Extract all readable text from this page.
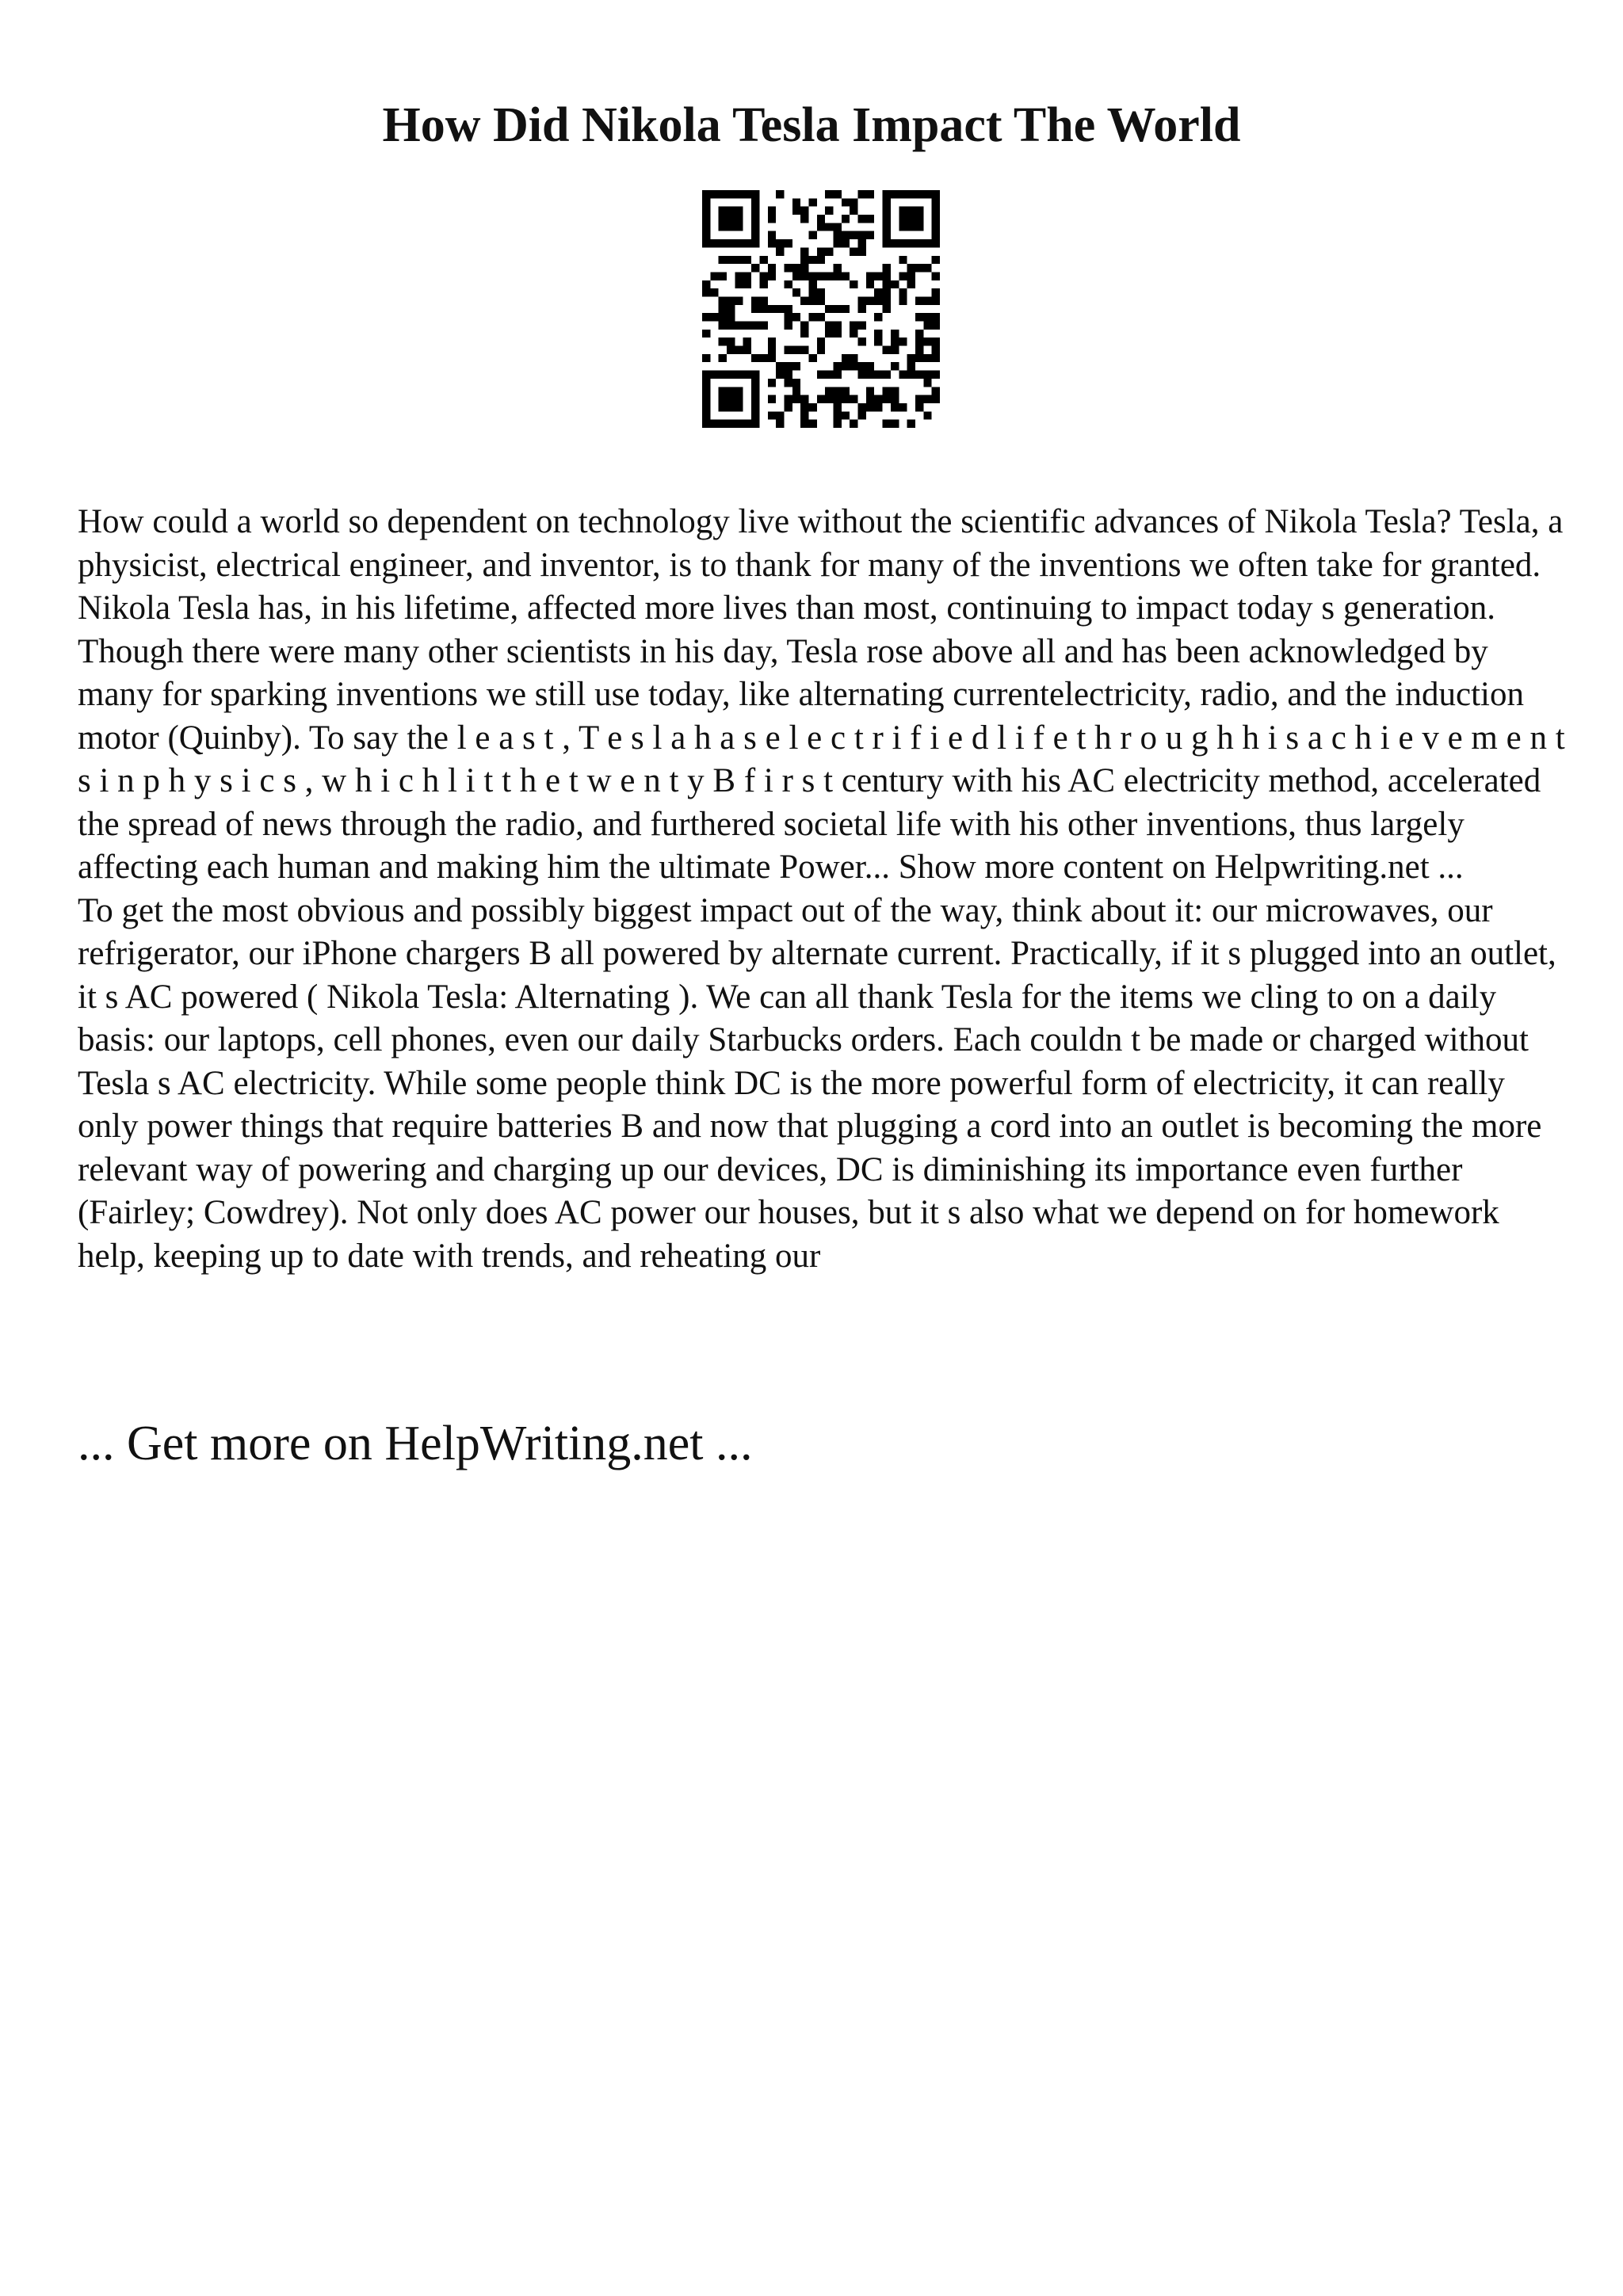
How Did Nikola Tesla Impact The World

How could a world so dependent on technology live without the scientific advances of Nikola Tesla? Tesla, a physicist, electrical engineer, and inventor, is to thank for many of the inventions we often take for granted. Nikola Tesla has, in his lifetime, affected more lives than most, continuing to impact today s generation. Though there were many other scientists in his day, Tesla rose above all and has been acknowledged by many for sparking inventions we still use today, like alternating currentelectricity, radio, and the induction motor (Quinby). To say the l e a s t , T e s l a h a s e l e c t r i f i e d l i f e t h r o u g h h i s a c h i e v e m e n t s i n p h y s i c s , w h i c h l i t t h e t w e n t y B f i r s t century with his AC electricity method, accelerated the spread of news through the radio, and furthered societal life with his other inventions, thus largely affecting each human and making him the ultimate Power... Show more content on Helpwriting.net ...

To get the most obvious and possibly biggest impact out of the way, think about it: our microwaves, our refrigerator, our iPhone chargers B all powered by alternate current. Practically, if it s plugged into an outlet, it s AC powered ( Nikola Tesla: Alternating ). We can all thank Tesla for the items we cling to on a daily basis: our laptops, cell phones, even our daily Starbucks orders. Each couldn t be made or charged without Tesla s AC electricity. While some people think DC is the more powerful form of electricity, it can really only power things that require batteries B and now that plugging a cord into an outlet is becoming the more relevant way of powering and charging up our devices, DC is diminishing its importance even further (Fairley; Cowdrey). Not only does AC power our houses, but it s also what we depend on for homework help, keeping up to date with trends, and reheating our

... Get more on HelpWriting.net ...
